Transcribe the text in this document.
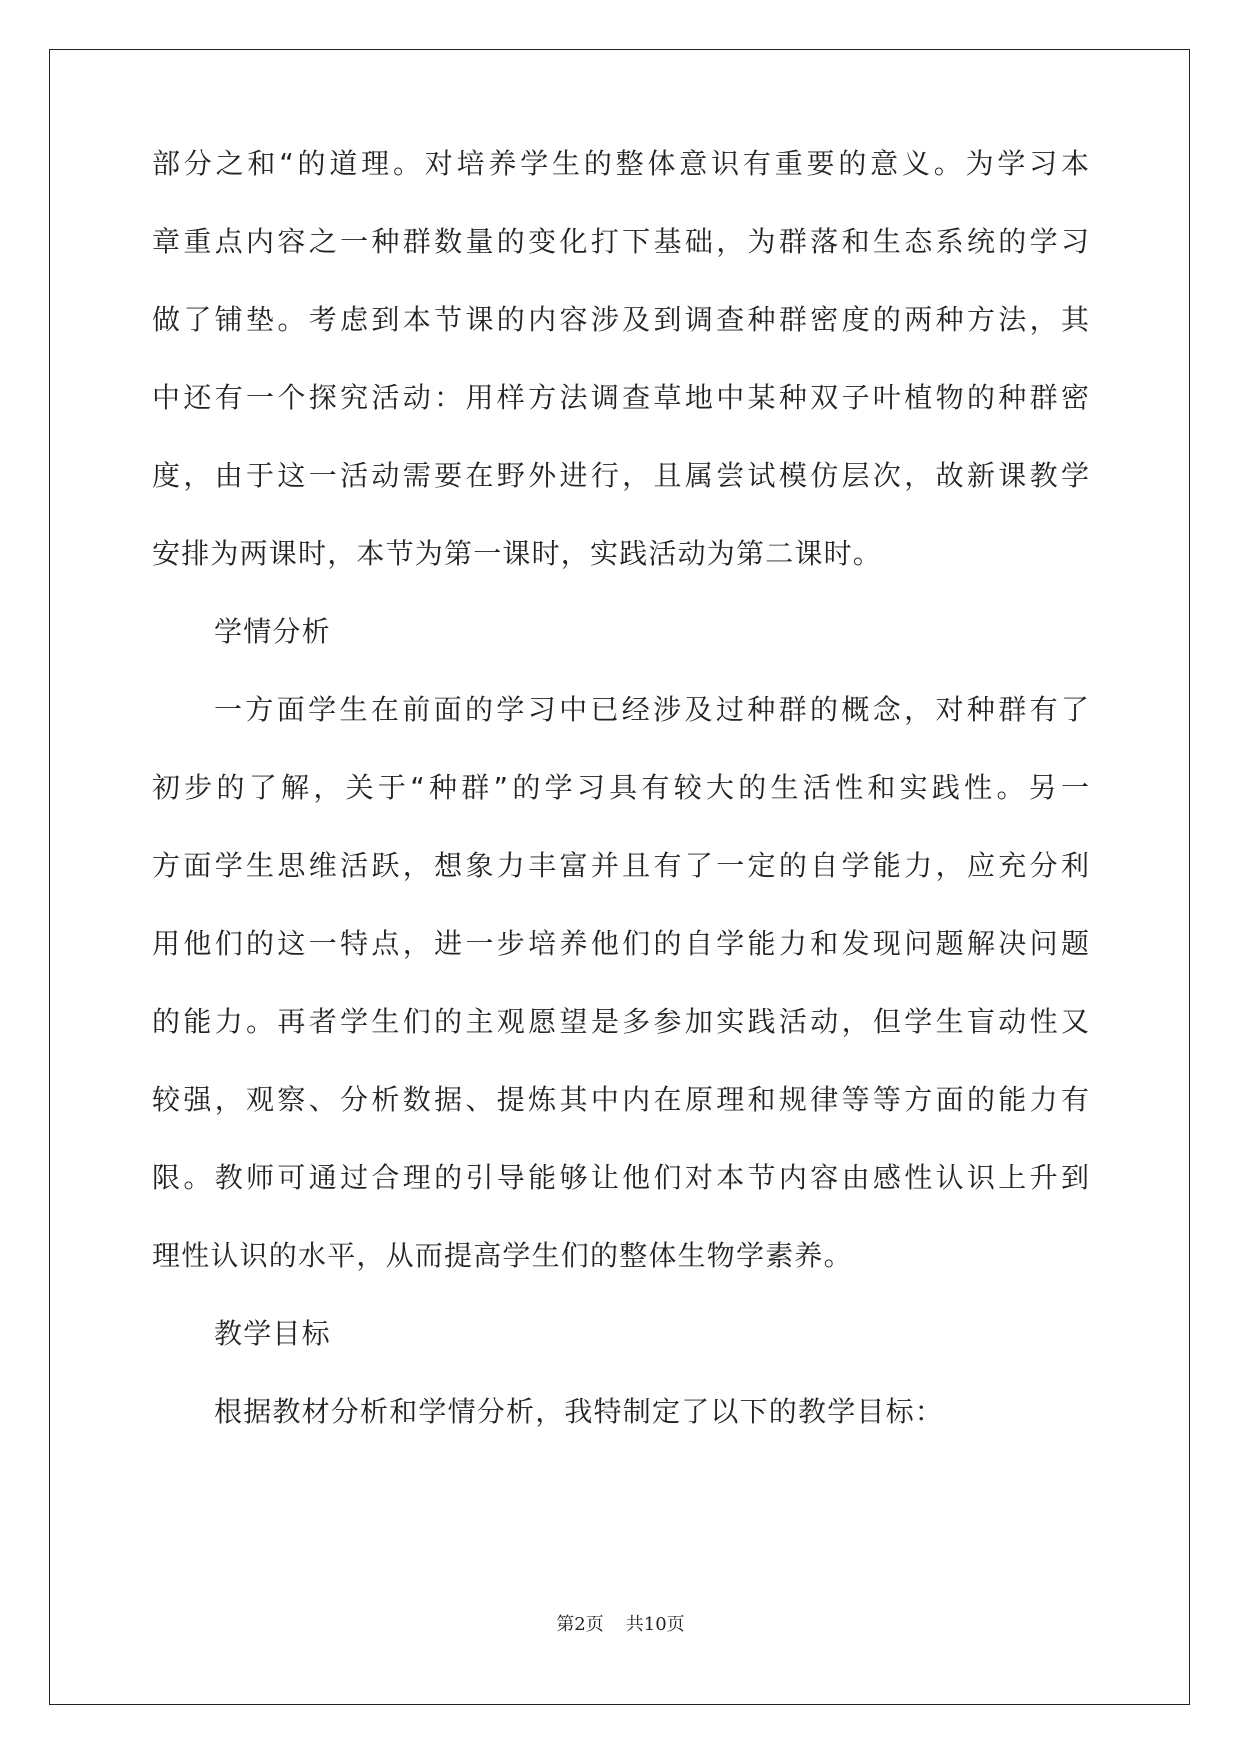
部分之和“的道理。对培养学生的整体意识有重要的意义。为学习本
章重点内容之一种群数量的变化打下基础，为群落和生态系统的学习
做了铺垫。考虑到本节课的内容涉及到调查种群密度的两种方法，其
中还有一个探究活动：用样方法调查草地中某种双子叶植物的种群密
度，由于这一活动需要在野外进行，且属尝试模仿层次，故新课教学
安排为两课时，本节为第一课时，实践活动为第二课时。
学情分析
一方面学生在前面的学习中已经涉及过种群的概念，对种群有了
初步的了解，关于“种群”的学习具有较大的生活性和实践性。另一
方面学生思维活跃，想象力丰富并且有了一定的自学能力，应充分利
用他们的这一特点，进一步培养他们的自学能力和发现问题解决问题
的能力。再者学生们的主观愿望是多参加实践活动，但学生盲动性又
较强，观察、分析数据、提炼其中内在原理和规律等等方面的能力有
限。教师可通过合理的引导能够让他们对本节内容由感性认识上升到
理性认识的水平，从而提高学生们的整体生物学素养。
教学目标
根据教材分析和学情分析，我特制定了以下的教学目标：
第2页 共10页
